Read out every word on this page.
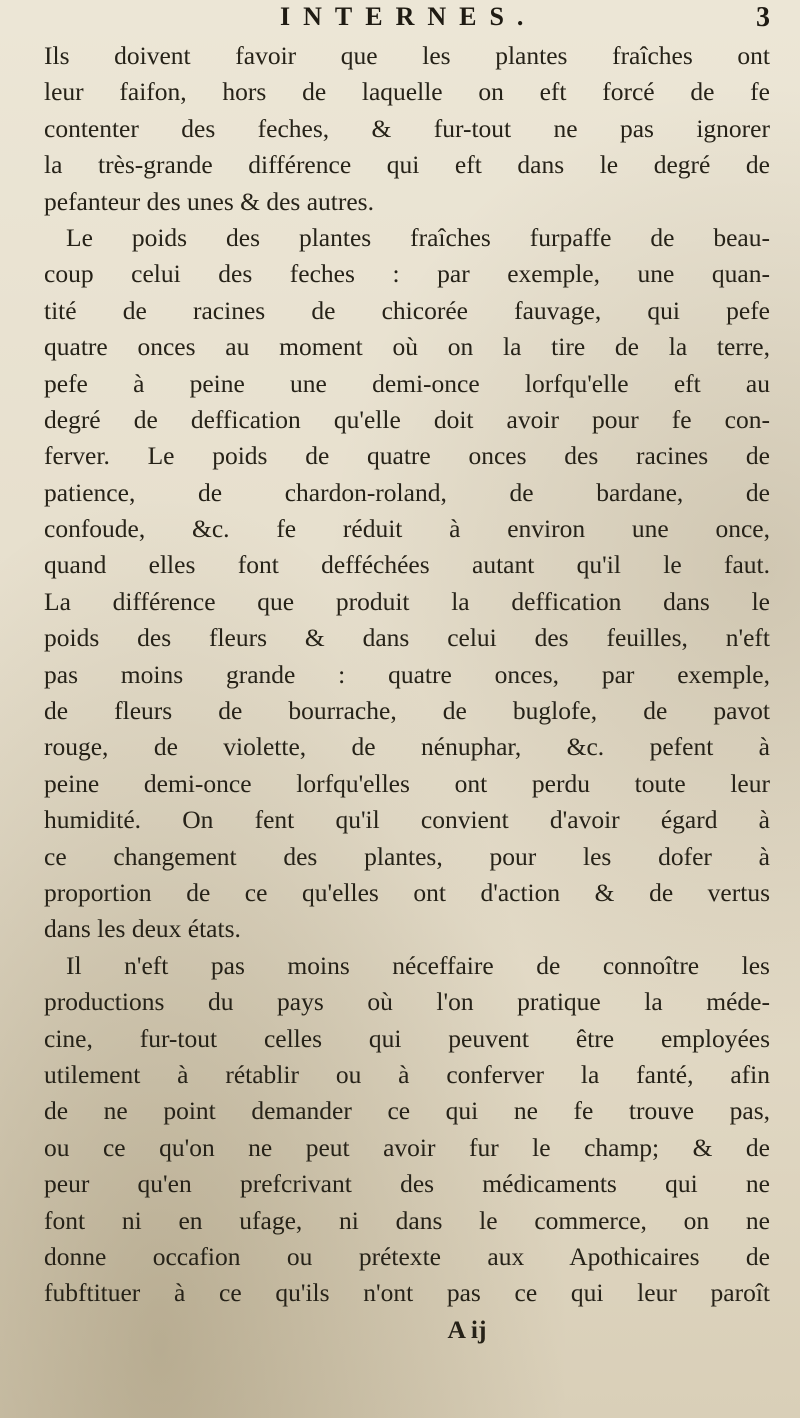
INTERNES.	3
Ils doivent favoir que les plantes fraîches ont
leur faifon, hors de laquelle on eft forcé de fe
contenter des feches, & fur-tout ne pas ignorer
la très-grande différence qui eft dans le degré de
pefanteur des unes & des autres.
Le poids des plantes fraîches furpaffe de beau-
coup celui des feches : par exemple, une quan-
tité de racines de chicorée fauvage, qui pefe
quatre onces au moment où on la tire de la terre,
pefe à peine une demi-once lorfqu'elle eft au
degré de deffication qu'elle doit avoir pour fe con-
ferver. Le poids de quatre onces des racines de
patience, de chardon-roland, de bardane, de
confoude, &c. fe réduit à environ une once,
quand elles font defféchées autant qu'il le faut.
La différence que produit la deffication dans le
poids des fleurs & dans celui des feuilles, n'eft
pas moins grande : quatre onces, par exemple,
de fleurs de bourrache, de buglofe, de pavot
rouge, de violette, de nénuphar, &c. pefent à
peine demi-once lorfqu'elles ont perdu toute leur
humidité. On fent qu'il convient d'avoir égard à
ce changement des plantes, pour les dofer à
proportion de ce qu'elles ont d'action & de vertus
dans les deux états.
Il n'eft pas moins néceffaire de connoître les
productions du pays où l'on pratique la méde-
cine, fur-tout celles qui peuvent être employées
utilement à rétablir ou à conferver la fanté, afin
de ne point demander ce qui ne fe trouve pas,
ou ce qu'on ne peut avoir fur le champ; & de
peur qu'en prefcrivant des médicaments qui ne
font ni en ufage, ni dans le commerce, on ne
donne occafion ou prétexte aux Apothicaires de
fubftituer à ce qu'ils n'ont pas ce qui leur paroît
A ij
